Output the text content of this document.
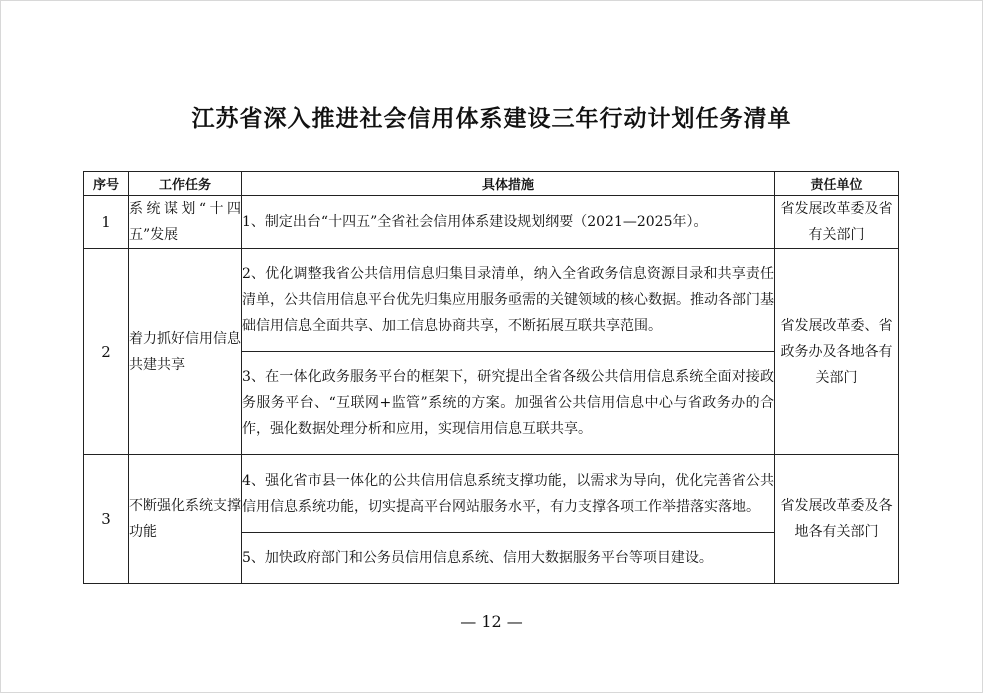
江苏省深入推进社会信用体系建设三年行动计划任务清单
序号	工作任务	具体措施	责任单位
1	系统谋划“十四五”发展	1、制定出台“十四五”全省社会信用体系建设规划纲要（2021—2025年）。	省发展改革委及省有关部门
2	着力抓好信用信息共建共享	2、优化调整我省公共信用信息归集目录清单，纳入全省政务信息资源目录和共享责任清单，公共信用信息平台优先归集应用服务亟需的关键领域的核心数据。推动各部门基础信用信息全面共享、加工信息协商共享，不断拓展互联共享范围。	省发展改革委、省政务办及各地各有关部门
		3、在一体化政务服务平台的框架下，研究提出全省各级公共信用信息系统全面对接政务服务平台、“互联网+监管”系统的方案。加强省公共信用信息中心与省政务办的合作，强化数据处理分析和应用，实现信用信息互联共享。	
3	不断强化系统支撑功能	4、强化省市县一体化的公共信用信息系统支撑功能，以需求为导向，优化完善省公共信用信息系统功能，切实提高平台网站服务水平，有力支撑各项工作举措落实落地。	省发展改革委及各地各有关部门
		5、加快政府部门和公务员信用信息系统、信用大数据服务平台等项目建设。	
— 12 —
